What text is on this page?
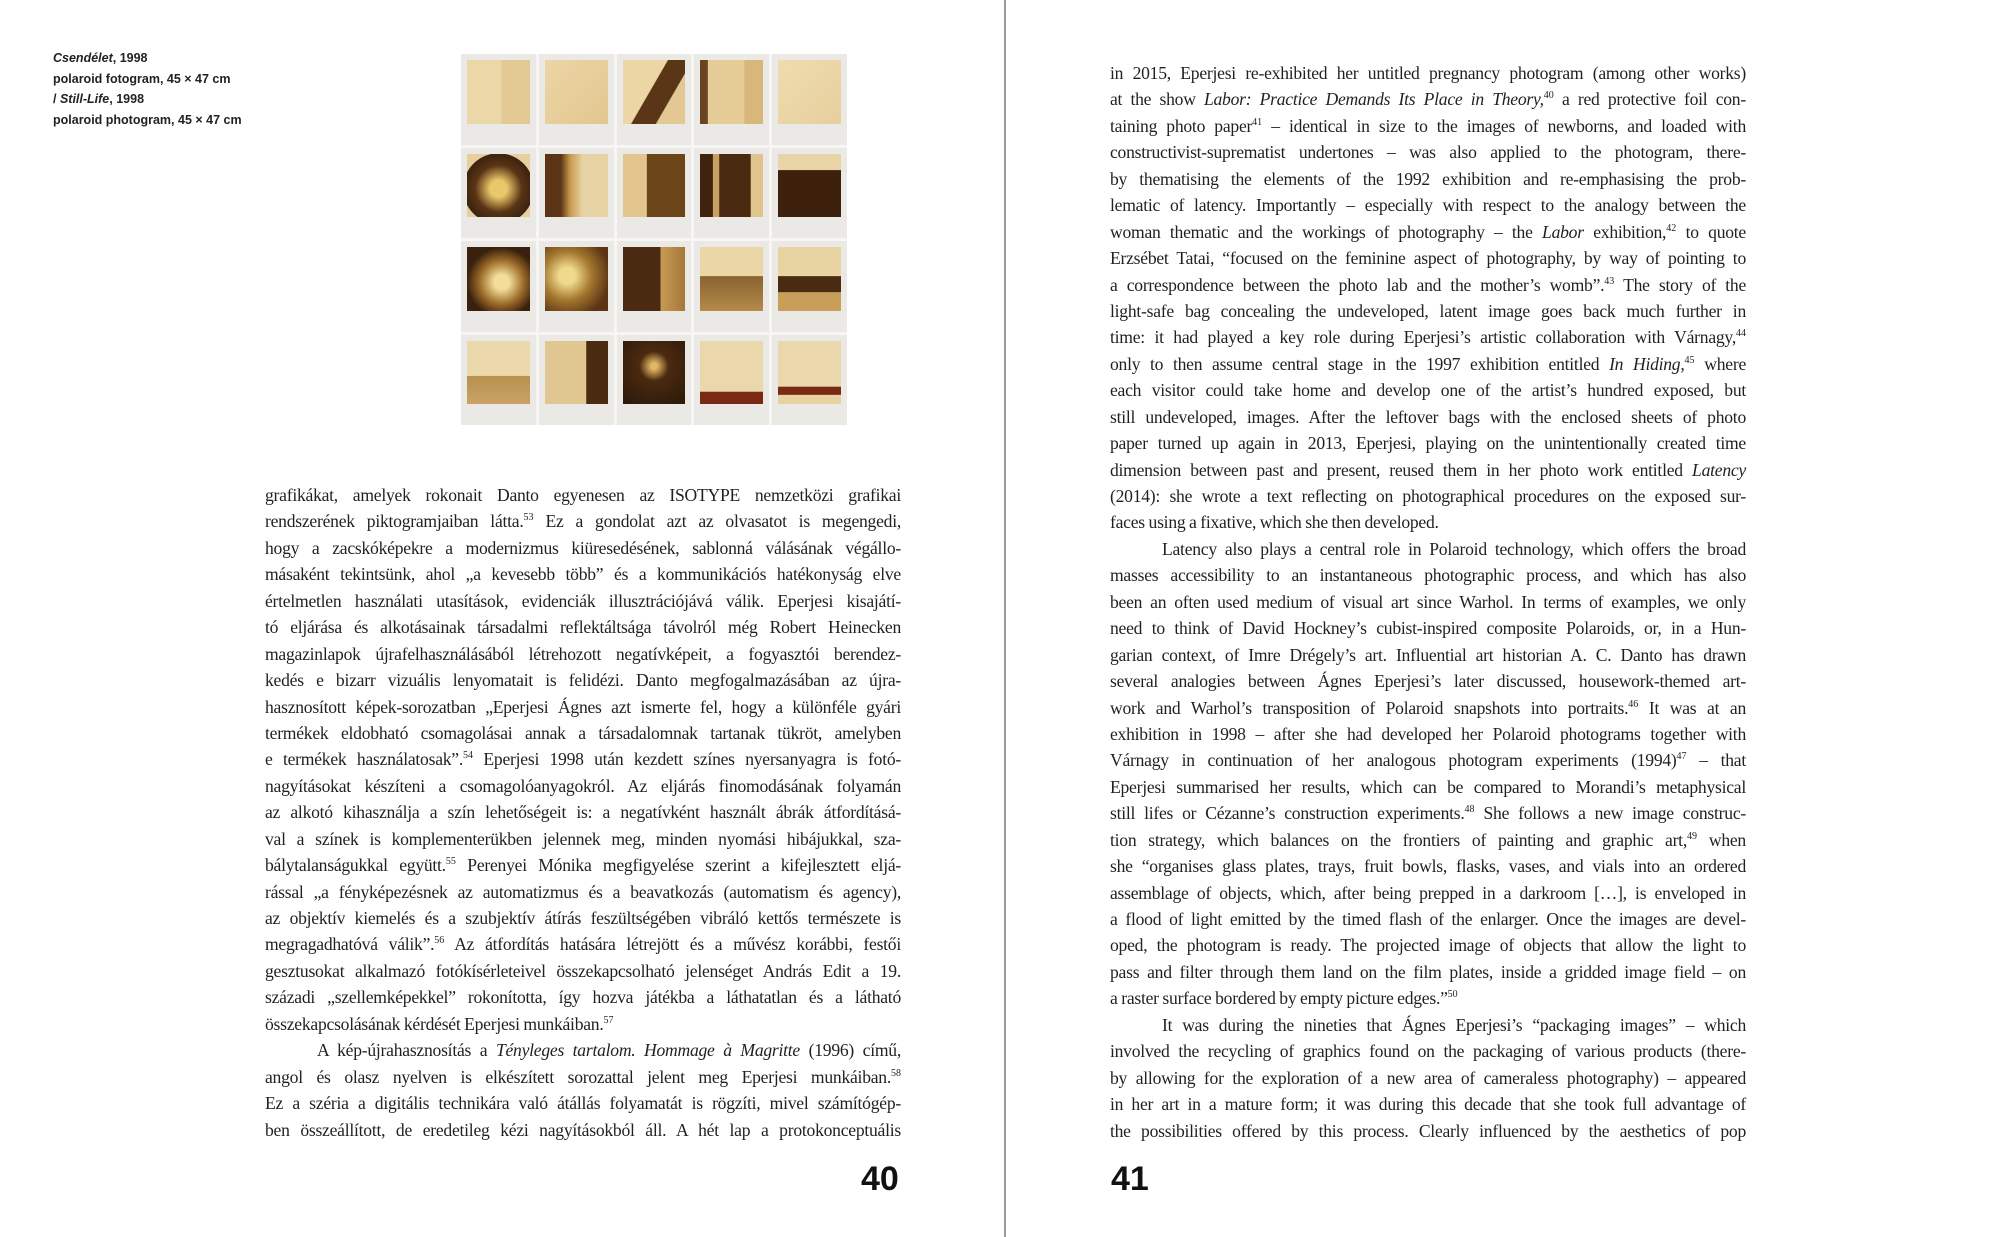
Csendélet, 1998
polaroid fotogram, 45 × 47 cm
/ Still-Life, 1998
polaroid photogram, 45 × 47 cm
grafikákat, amelyek rokonait Danto egyenesen az ISOTYPE nemzetközi grafikai
rendszerének piktogramjaiban látta.$^{53}$ Ez a gondolat azt az olvasatot is megengedi,
hogy a zacskóképekre a modernizmus kiüresedésének, sablonná válásának végállo-
másaként tekintsünk, ahol „a kevesebb több” és a kommunikációs hatékonyság elve
értelmetlen használati utasítások, evidenciák illusztrációjává válik. Eperjesi kisajátí-
tó eljárása és alkotásainak társadalmi reflektáltsága távolról még Robert Heinecken
magazinlapok újrafelhasználásából létrehozott negatívképeit, a fogyasztói berendez-
kedés e bizarr vizuális lenyomatait is felidézi. Danto megfogalmazásában az újra-
hasznosított képek-sorozatban „Eperjesi Ágnes azt ismerte fel, hogy a különféle gyári
termékek eldobható csomagolásai annak a társadalomnak tartanak tükröt, amelyben
e termékek használatosak”.$^{54}$ Eperjesi 1998 után kezdett színes nyersanyagra is fotó-
nagyításokat készíteni a csomagolóanyagokról. Az eljárás finomodásának folyamán
az alkotó kihasználja a szín lehetőségeit is: a negatívként használt ábrák átfordításá-
val a színek is komplementerükben jelennek meg, minden nyomási hibájukkal, sza-
bálytalanságukkal együtt.$^{55}$ Perenyei Mónika megfigyelése szerint a kifejlesztett eljá-
rással „a fényképezésnek az automatizmus és a beavatkozás (automatism és agency),
az objektív kiemelés és a szubjektív átírás feszültségében vibráló kettős természete is
megragadhatóvá válik”.$^{56}$ Az átfordítás hatására létrejött és a művész korábbi, festői
gesztusokat alkalmazó fotókísérleteivel összekapcsolható jelenséget András Edit a 19.
századi „szellemképekkel” rokonította, így hozva játékba a láthatatlan és a látható
összekapcsolásának kérdését Eperjesi munkáiban.$^{57}$
A kép-újrahasznosítás a Tényleges tartalom. Hommage à Magritte (1996) című,
angol és olasz nyelven is elkészített sorozattal jelent meg Eperjesi munkáiban.$^{58}$
Ez a széria a digitális technikára való átállás folyamatát is rögzíti, mivel számítógép-
ben összeállított, de eredetileg kézi nagyításokból áll. A hét lap a protokonceptuális
40
in 2015, Eperjesi re-exhibited her untitled pregnancy photogram (among other works)
at the show Labor: Practice Demands Its Place in Theory,$^{40}$ a red protective foil con-
taining photo paper$^{41}$ – identical in size to the images of newborns, and loaded with
constructivist-suprematist undertones – was also applied to the photogram, there-
by thematising the elements of the 1992 exhibition and re-emphasising the prob-
lematic of latency. Importantly – especially with respect to the analogy between the
woman thematic and the workings of photography – the Labor exhibition,$^{42}$ to quote
Erzsébet Tatai, “focused on the feminine aspect of photography, by way of pointing to
a correspondence between the photo lab and the mother’s womb”.$^{43}$ The story of the
light-safe bag concealing the undeveloped, latent image goes back much further in
time: it had played a key role during Eperjesi’s artistic collaboration with Várnagy,$^{44}$
only to then assume central stage in the 1997 exhibition entitled In Hiding,$^{45}$ where
each visitor could take home and develop one of the artist’s hundred exposed, but
still undeveloped, images. After the leftover bags with the enclosed sheets of photo
paper turned up again in 2013, Eperjesi, playing on the unintentionally created time
dimension between past and present, reused them in her photo work entitled Latency
(2014): she wrote a text reflecting on photographical procedures on the exposed sur-
faces using a fixative, which she then developed.
Latency also plays a central role in Polaroid technology, which offers the broad
masses accessibility to an instantaneous photographic process, and which has also
been an often used medium of visual art since Warhol. In terms of examples, we only
need to think of David Hockney’s cubist-inspired composite Polaroids, or, in a Hun-
garian context, of Imre Drégely’s art. Influential art historian A. C. Danto has drawn
several analogies between Ágnes Eperjesi’s later discussed, housework-themed art-
work and Warhol’s transposition of Polaroid snapshots into portraits.$^{46}$ It was at an
exhibition in 1998 – after she had developed her Polaroid photograms together with
Várnagy in continuation of her analogous photogram experiments $(1994)^{47}$ – that
Eperjesi summarised her results, which can be compared to Morandi’s metaphysical
still lifes or Cézanne’s construction experiments.$^{48}$ She follows a new image construc-
tion strategy, which balances on the frontiers of painting and graphic art,$^{49}$ when
she “organises glass plates, trays, fruit bowls, flasks, vases, and vials into an ordered
assemblage of objects, which, after being prepped in a darkroom […], is enveloped in
a flood of light emitted by the timed flash of the enlarger. Once the images are devel-
oped, the photogram is ready. The projected image of objects that allow the light to
pass and filter through them land on the film plates, inside a gridded image field – on
a raster surface bordered by empty picture edges.”$^{50}$
It was during the nineties that Ágnes Eperjesi’s “packaging images” – which
involved the recycling of graphics found on the packaging of various products (there-
by allowing for the exploration of a new area of cameraless photography) – appeared
in her art in a mature form; it was during this decade that she took full advantage of
the possibilities offered by this process. Clearly influenced by the aesthetics of pop
41
